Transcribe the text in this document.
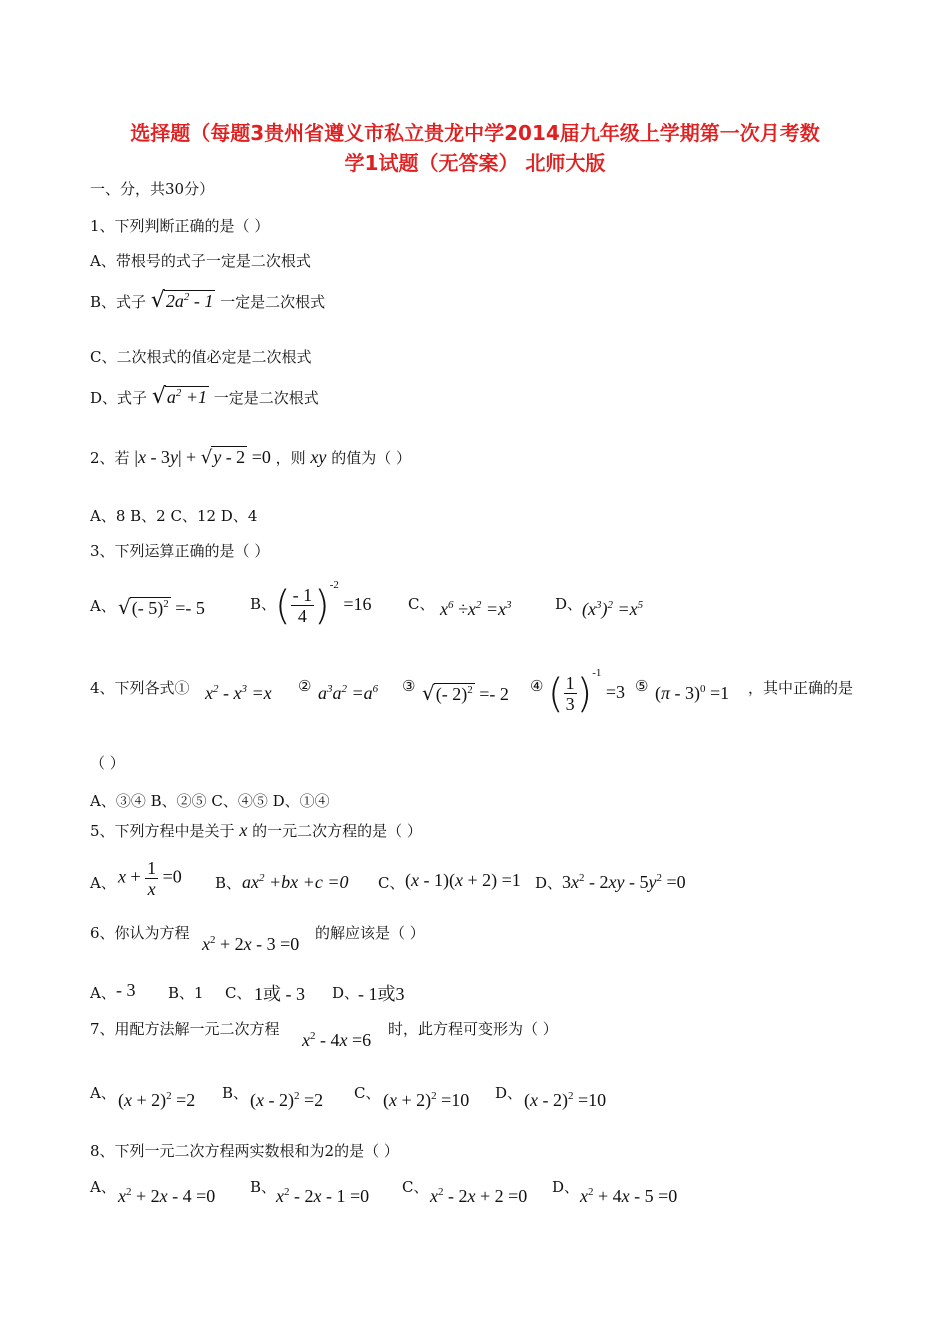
选择题（每题3贵州省遵义市私立贵龙中学2014届九年级上学期第一次月考数
学1试题（无答案） 北师大版
一、分，共30分）
1、下列判断正确的是（ ）
A、带根号的式子一定是二次根式
B、式子 $√2a^2 - 1$ 一定是二次根式
C、二次根式的值必定是二次根式
D、式子 $√a^2 +1$ 一定是二次根式
2、若 |x - 3y| + √y - 2 =0 ，则 xy 的值为（ ）
A、8 B、2 C、12 D、4
3、下列运算正确的是（ ）
A、 √(- 5)$^2$ =- 5	B、
( $\frac{- 1}{4} )^{-2} =16$ C、 $x^6 \div x^2 =x^3$	D、 $(x^3)^2 =x^5$
4、下列各式① $x^2 - x^3 =x$ ② $a^3a^2 =a^6$ ③ √(- 2)$^2$ =- 2 ④ ( $\frac{1}{3} )^{-1} =3$ ⑤ (π - 3)$^0$ =1 ，其中正确的是
（ ）
A、③④ B、②⑤ C、④⑤ D、①④
5、下列方程中是关于 x 的一元二次方程的是（ ）
A、 $x + \frac{1}{x} =0$ B、 $ax^2 +bx +c =0$ C、 (x - 1)(x + 2) =1 D、 $3x^2 - 2xy - 5y^2 =0$
6、你认为方程
$x^2 + 2x - 3 =0$
的解应该是（ ）
A、 - 3 B、1 C、 1或 - 3 D、
- 1或3
7、用配方法解一元二次方程
$x^2 - 4x =6$
时，此方程可变形为（ ）
A、 $(x + 2)^2 =2$ B、 (x - 2)$^2$ =2 C、 $(x + 2)^2 =10$ D、 (x - 2)$^2$ =10
8、下列一元二次方程两实数根和为2的是（ ）
A、 $x^2 + 2x - 4 =0$ B、 $x^2 - 2x - 1 =0$ C、 $x^2 - 2x + 2 =0$ D、 $x^2 + 4x - 5 =0$
